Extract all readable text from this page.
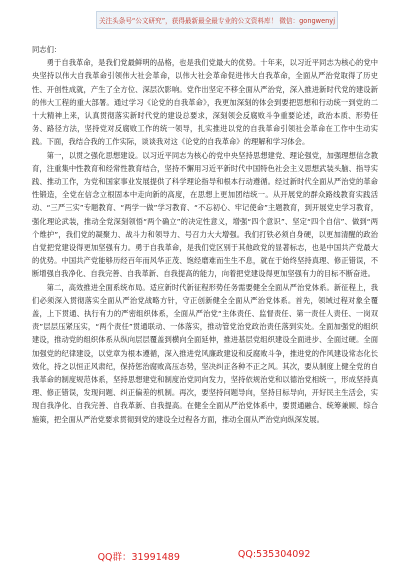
关注头条号“公文研究”，获得最新最全最专业的公文资料库！ 微信：gongwenyj

同志们：

勇于自我革命，是我们党最鲜明的品格，也是我们党最大的优势。十年来，以习近平同志为核心的党中央坚持以伟大自我革命引领伟大社会革命，以伟大社会革命促进伟大自我革命，全面从严治党取得了历史性、开创性成就，产生了全方位、深层次影响。党作出坚定不移全面从严治党，深入推进新时代党的建设新的伟大工程的重大部署。通过学习《论党的自我革命》，我更加深刻的体会到要把思想和行动统一到党的二十大精神上来，认真贯彻落实新时代党的建设总要求，深刻领会反腐败斗争重要论述，政治本质、形势任务、路径方法，坚持党对反腐败工作的统一领导，扎实推进以党的自我革命引领社会革命在工作中生动实践。下面，我结合我的工作实际，谈谈我对这《论党的自我革命》的理解和学习体会。

第一，以贯之强化思想建设。以习近平同志为核心的党中央坚持思想建党、理论强党，加强理想信念教育，注重集中性教育和经常性教育结合，坚持不懈用习近平新时代中国特色社会主义思想武装头脑、指导实践、推动工作，为党和国家事业发展提供了科学理论指导和根本行动遵循。经过新时代全面从严治党的革命性锻造，全党在信念立根固本中走向新的高度，在思想上更加团结统一。从开展党的群众路线教育实践活动、“三严三实”专题教育、“两学一做”学习教育、“不忘初心、牢记使命”主题教育，到开展党史学习教育，强化理论武装，推动全党深刻领悟“两个确立”的决定性意义，增强“四个意识”、坚定“四个自信”、做到“两个维护”，我们党的凝聚力、战斗力和领导力、号召力大大增强。我们打铁必须自身硬，以更加清醒的政治自觉把党建设得更加坚强有力。勇于自我革命，是我们党区别于其他政党的显著标志，也是中国共产党最大的优势。中国共产党能够历经百年而风华正茂、饱经磨难而生生不息，就在于始终坚持真理、修正错误，不断增强自我净化、自我完善、自我革新、自我提高的能力，向着把党建设得更加坚强有力的目标不断奋进。

第二，高效推进全面系统布局。适应新时代新征程形势任务需要健全全面从严治党体系。新征程上，我们必须深入贯彻落实全面从严治党战略方针，守正创新健全全面从严治党体系。首先，领域过程对象全覆盖，上下贯通、执行有力的严密组织体系，全面从严治党“主体责任、监督责任、第一责任人责任、一岗双责”层层压紧压实，“两个责任”贯通联动、一体落实，推动管党治党政治责任落到实处。全面加强党的组织建设，推动党的组织体系从纵向层层覆盖到横向全面延伸，推进基层党组织建设全面进步、全面过硬。全面加强党的纪律建设，以党章为根本遵循，深入推进党风廉政建设和反腐败斗争，推进党的作风建设常态化长效化，持之以恒正风肃纪，保持惩治腐败高压态势，坚决纠正各种不正之风。其次，要从制度上健全党的自我革命的制度规范体系，坚持思想建党和制度治党同向发力，坚持依规治党和以德治党相统一，形成坚持真理、修正错误，发现问题、纠正偏差的机制。再次，要坚持问题导向，坚持目标导向，开好民主生活会，实现自我净化、自我完善、自我革新、自我提高。在健全全面从严治党体系中，要贯通融合、统筹兼顾、综合施策，把全面从严治党要求贯彻到党的建设全过程各方面，推动全面从严治党向纵深发展。

QQ群：31991489	QQ:535304092
